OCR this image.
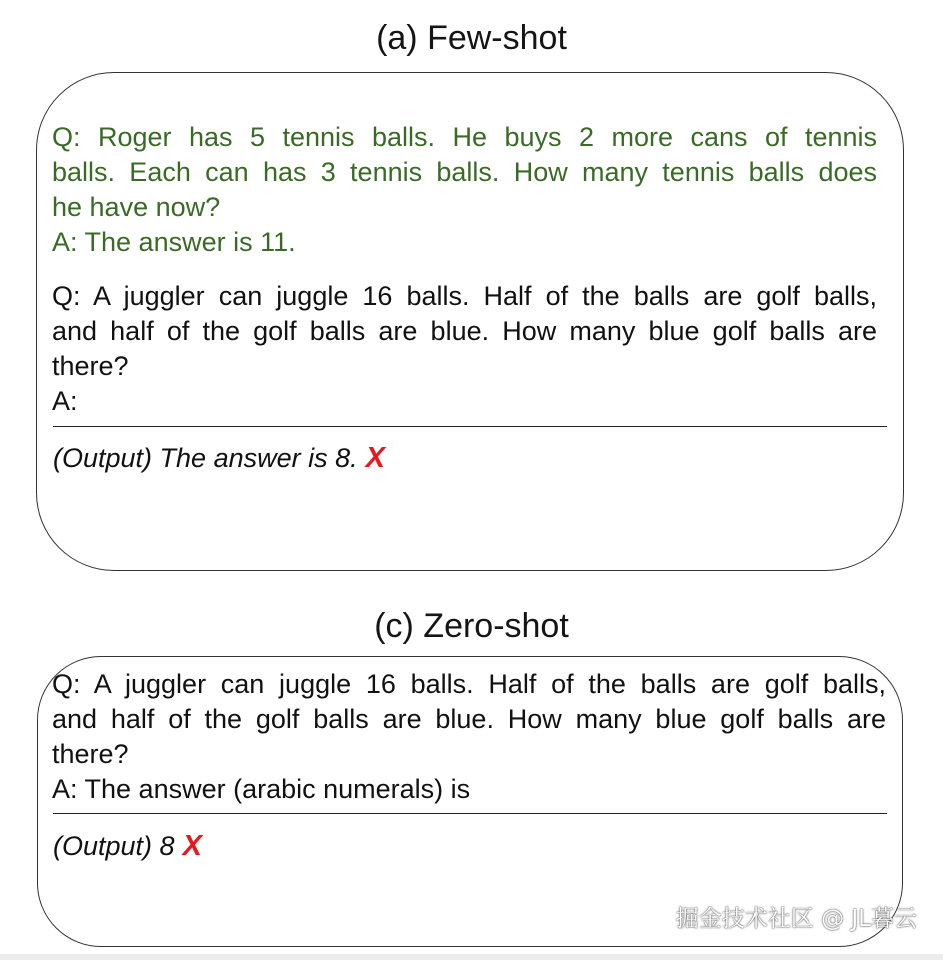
(a) Few-shot
Q: Roger has 5 tennis balls. He buys 2 more cans of tennis
balls. Each can has 3 tennis balls. How many tennis balls does
he have now?
A: The answer is 11.
Q: A juggler can juggle 16 balls. Half of the balls are golf balls,
and half of the golf balls are blue. How many blue golf balls are
there?
A:
(Output) The answer is 8. X
(c) Zero-shot
Q: A juggler can juggle 16 balls. Half of the balls are golf balls,
and half of the golf balls are blue. How many blue golf balls are
there?
A: The answer (arabic numerals) is
(Output) 8 X
掘金技术社区 @ JL暮云
